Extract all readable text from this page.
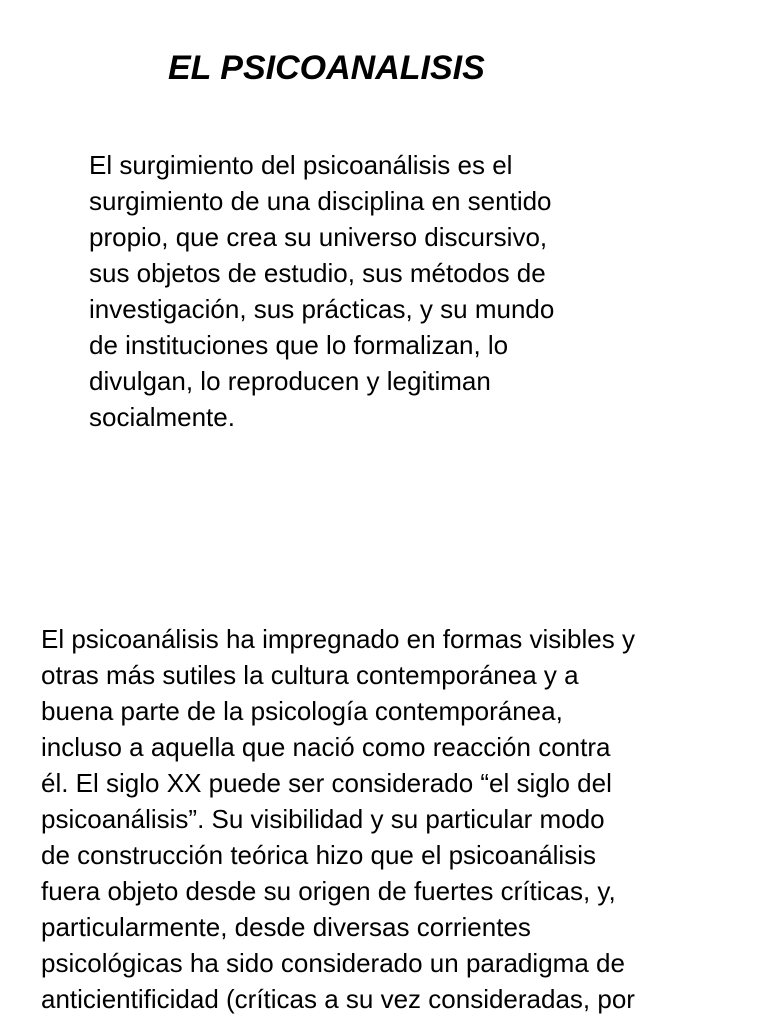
EL PSICOANALISIS
El surgimiento del psicoanálisis es el
surgimiento de una disciplina en sentido
propio, que crea su universo discursivo,
sus objetos de estudio, sus métodos de
investigación, sus prácticas, y su mundo
de instituciones que lo formalizan, lo
divulgan, lo reproducen y legitiman
socialmente.
El psicoanálisis ha impregnado en formas visibles y
otras más sutiles la cultura contemporánea y a
buena parte de la psicología contemporánea,
incluso a aquella que nació como reacción contra
él. El siglo XX puede ser considerado “el siglo del
psicoanálisis”. Su visibilidad y su particular modo
de construcción teórica hizo que el psicoanálisis
fuera objeto desde su origen de fuertes críticas, y,
particularmente, desde diversas corrientes
psicológicas ha sido considerado un paradigma de
anticientificidad (críticas a su vez consideradas, por
